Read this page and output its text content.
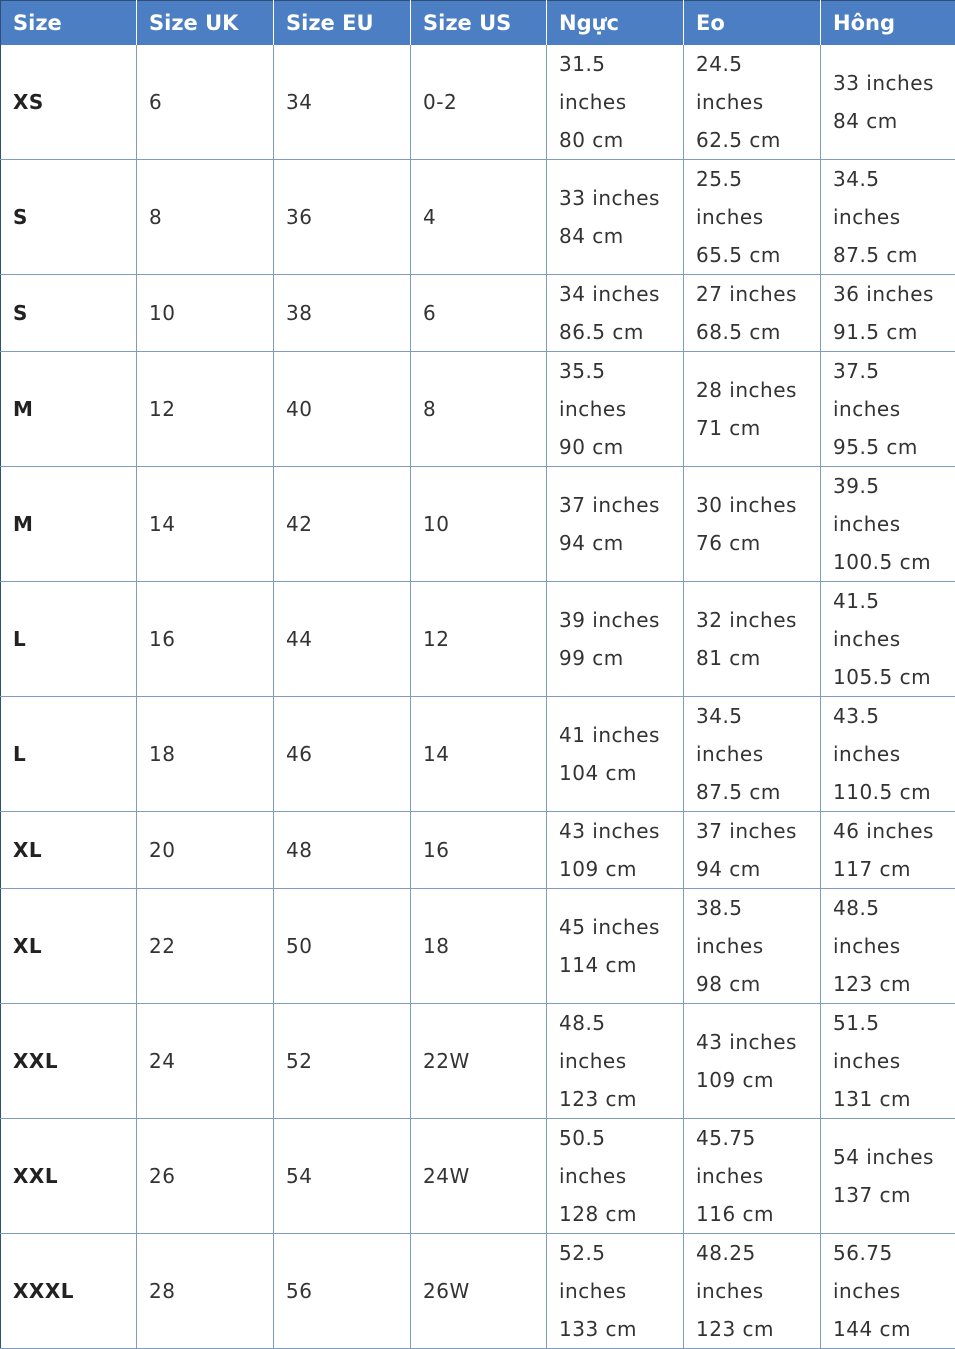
Size	Size UK	Size EU	Size US	Ngực	Eo	Hông
XS	6	34	0-2	31.5
inches
80 cm	24.5
inches
62.5 cm	33 inches
84 cm

S	8	36	4	33 inches
84 cm	25.5
inches
65.5 cm	34.5
inches
87.5 cm

S	10	38	6	34 inches
86.5 cm	27 inches
68.5 cm	36 inches
91.5 cm

M	12	40	8	35.5
inches
90 cm	28 inches
71 cm	37.5
inches
95.5 cm

M	14	42	10	37 inches
94 cm	30 inches
76 cm	39.5
inches
100.5 cm

L	16	44	12	39 inches
99 cm	32 inches
81 cm	41.5
inches
105.5 cm

L	18	46	14	41 inches
104 cm	34.5
inches
87.5 cm	43.5
inches
110.5 cm

XL	20	48	16	43 inches
109 cm	37 inches
94 cm	46 inches
117 cm

XL	22	50	18	45 inches
114 cm	38.5
inches
98 cm	48.5
inches
123 cm

XXL	24	52	22W	48.5
inches
123 cm	43 inches
109 cm	51.5
inches
131 cm

XXL	26	54	24W	50.5
inches
128 cm	45.75
inches
116 cm	54 inches
137 cm

XXXL	28	56	26W	52.5
inches
133 cm	48.25
inches
123 cm	56.75
inches
144 cm
